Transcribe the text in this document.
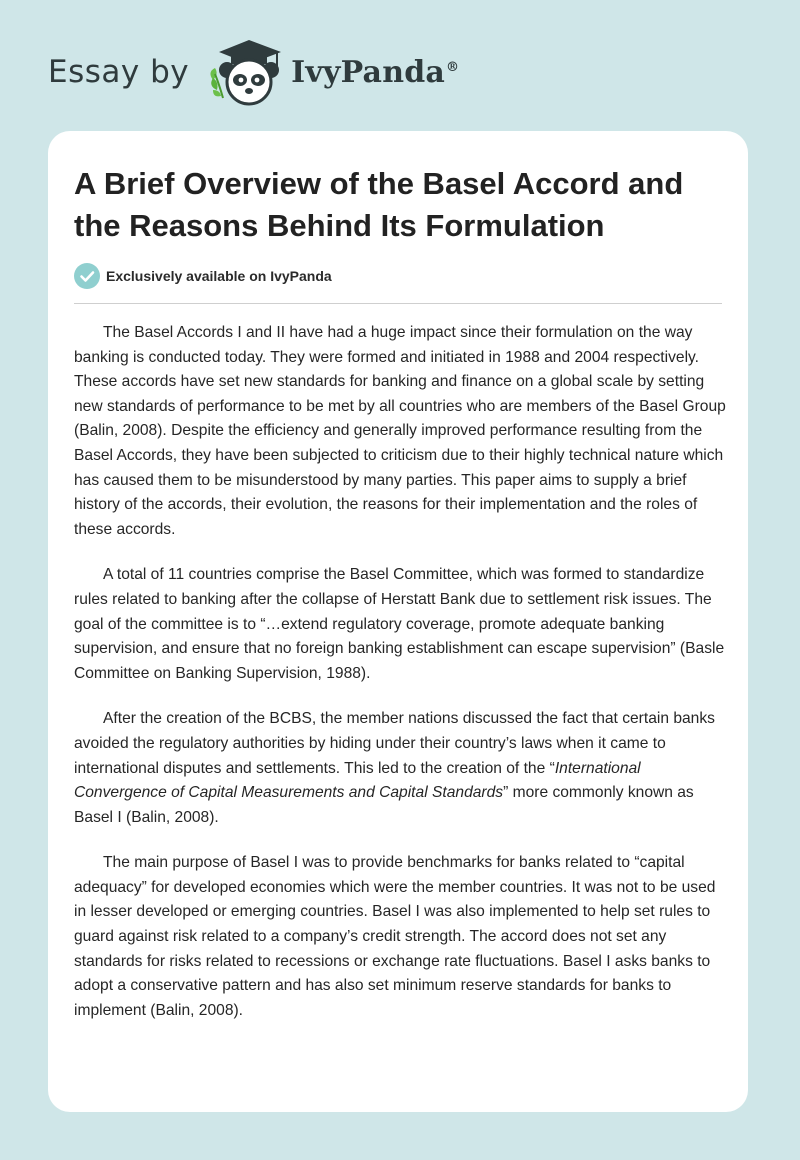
Essay by	IvyPanda®
A Brief Overview of the Basel Accord and the Reasons Behind Its Formulation
Exclusively available on IvyPanda

The Basel Accords I and II have had a huge impact since their formulation on the way banking is conducted today. They were formed and initiated in 1988 and 2004 respectively. These accords have set new standards for banking and finance on a global scale by setting new standards of performance to be met by all countries who are members of the Basel Group (Balin, 2008). Despite the efficiency and generally improved performance resulting from the Basel Accords, they have been subjected to criticism due to their highly technical nature which has caused them to be misunderstood by many parties. This paper aims to supply a brief history of the accords, their evolution, the reasons for their implementation and the roles of these accords.

A total of 11 countries comprise the Basel Committee, which was formed to standardize rules related to banking after the collapse of Herstatt Bank due to settlement risk issues. The goal of the committee is to “…extend regulatory coverage, promote adequate banking supervision, and ensure that no foreign banking establishment can escape supervision” (Basle Committee on Banking Supervision, 1988).

After the creation of the BCBS, the member nations discussed the fact that certain banks avoided the regulatory authorities by hiding under their country’s laws when it came to international disputes and settlements. This led to the creation of the “International Convergence of Capital Measurements and Capital Standards” more commonly known as Basel I (Balin, 2008).

The main purpose of Basel I was to provide benchmarks for banks related to “capital adequacy” for developed economies which were the member countries. It was not to be used in lesser developed or emerging countries. Basel I was also implemented to help set rules to guard against risk related to a company’s credit strength. The accord does not set any standards for risks related to recessions or exchange rate fluctuations. Basel I asks banks to adopt a conservative pattern and has also set minimum reserve standards for banks to implement (Balin, 2008).
